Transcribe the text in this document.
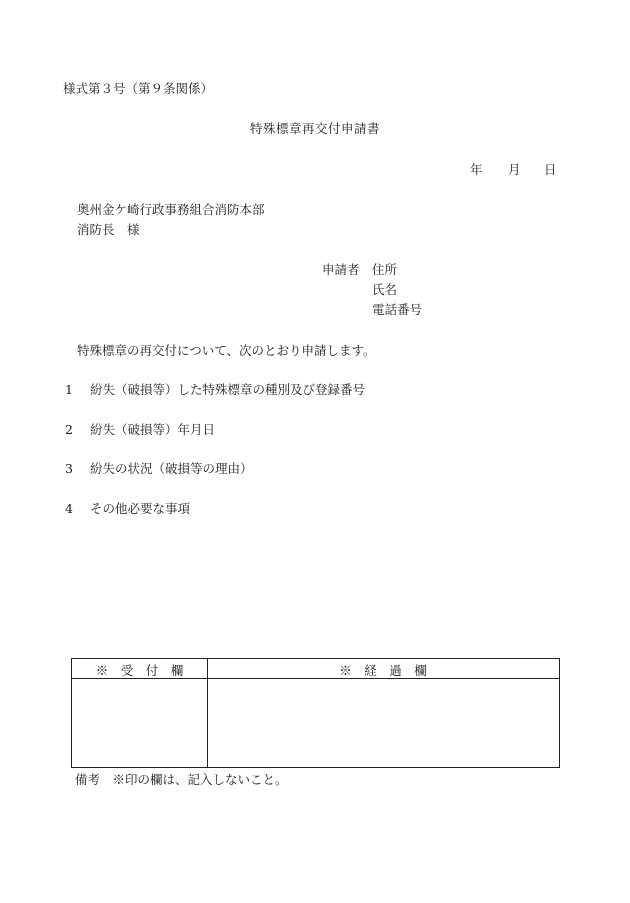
様式第３号（第９条関係）
特殊標章再交付申請書
年 月 日
奥州金ケ崎行政事務組合消防本部
消防長　様
申請者 住所
氏名
電話番号
特殊標章の再交付について、次のとおり申請します。
1 紛失（破損等）した特殊標章の種別及び登録番号
2 紛失（破損等）年月日
3 紛失の状況（破損等の理由）
4 その他必要な事項
※　受　付　欄	※　経　過　欄
備考　※印の欄は、記入しないこと。
